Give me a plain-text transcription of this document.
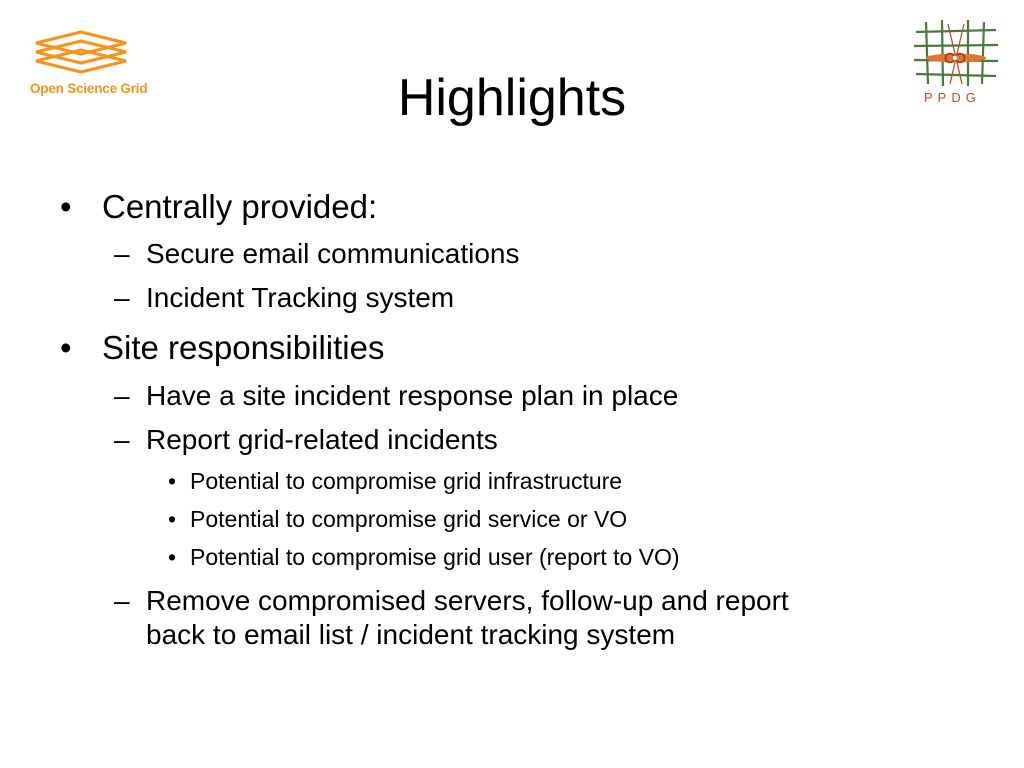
Open Science Grid
PPDG
Highlights
• Centrally provided:
– Secure email communications
– Incident Tracking system
• Site responsibilities
– Have a site incident response plan in place
– Report grid-related incidents
• Potential to compromise grid infrastructure
• Potential to compromise grid service or VO
• Potential to compromise grid user (report to VO)
– Remove compromised servers, follow-up and report
back to email list / incident tracking system
